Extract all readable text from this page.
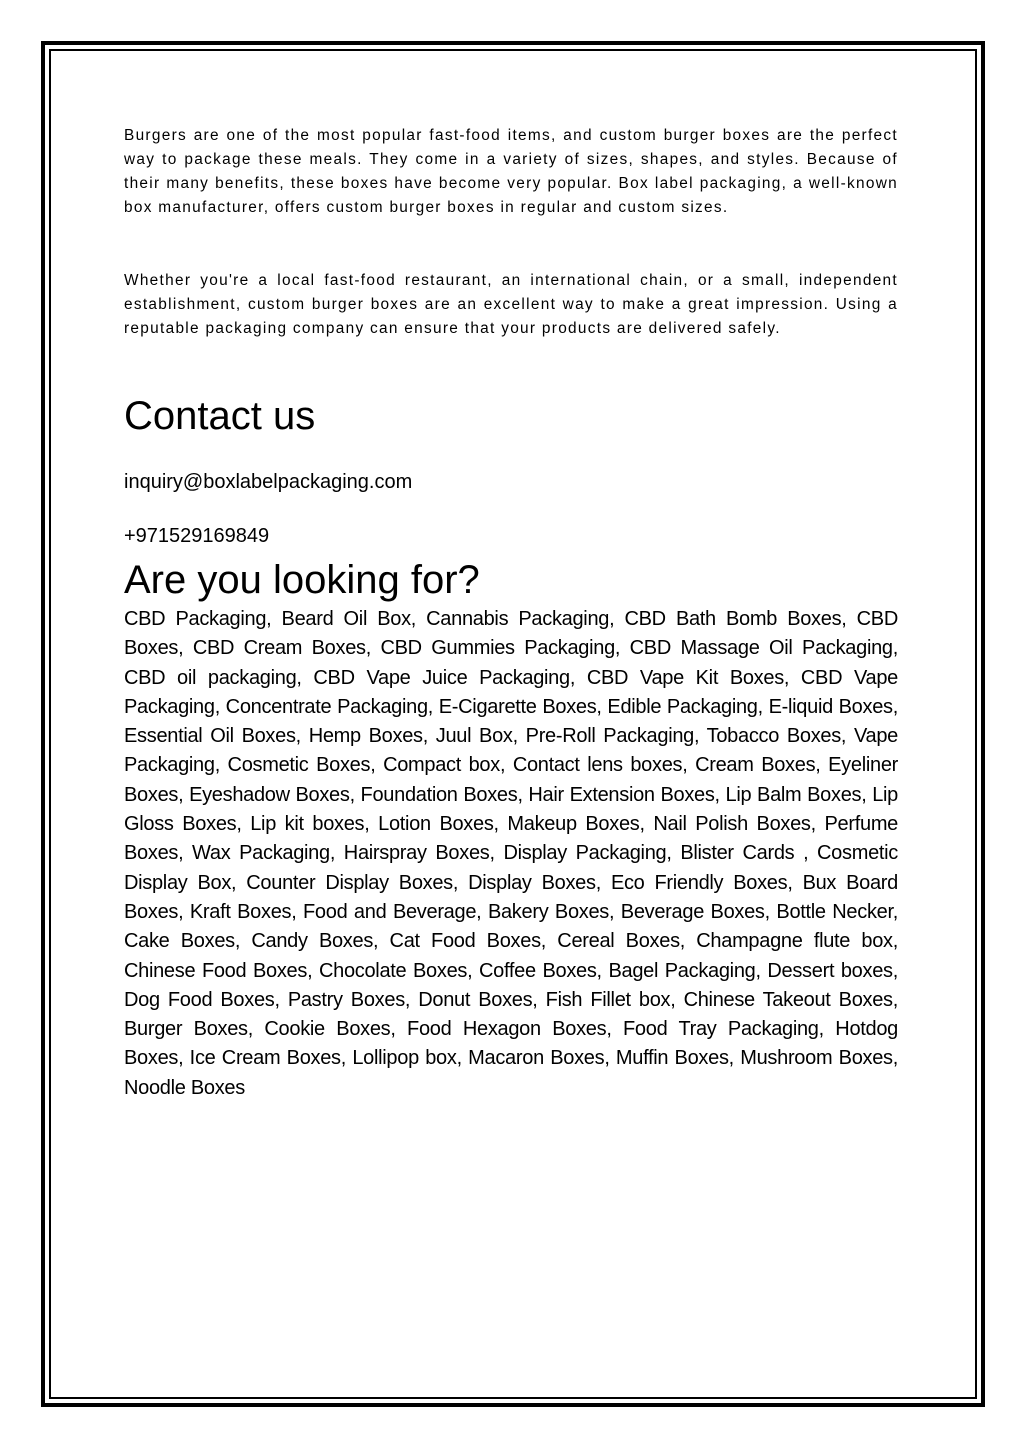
Burgers are one of the most popular fast-food items, and custom burger boxes are the perfect way to package these meals. They come in a variety of sizes, shapes, and styles. Because of their many benefits, these boxes have become very popular. Box label packaging, a well-known box manufacturer, offers custom burger boxes in regular and custom sizes.

Whether you're a local fast-food restaurant, an international chain, or a small, independent establishment, custom burger boxes are an excellent way to make a great impression. Using a reputable packaging company can ensure that your products are delivered safely.

Contact us

inquiry@boxlabelpackaging.com

+971529169849

Are you looking for?

CBD Packaging, Beard Oil Box, Cannabis Packaging, CBD Bath Bomb Boxes, CBD Boxes, CBD Cream Boxes, CBD Gummies Packaging, CBD Massage Oil Packaging, CBD oil packaging, CBD Vape Juice Packaging, CBD Vape Kit Boxes, CBD Vape Packaging, Concentrate Packaging, E-Cigarette Boxes, Edible Packaging, E-liquid Boxes, Essential Oil Boxes, Hemp Boxes, Juul Box, Pre-Roll Packaging, Tobacco Boxes, Vape Packaging, Cosmetic Boxes, Compact box, Contact lens boxes, Cream Boxes, Eyeliner Boxes, Eyeshadow Boxes, Foundation Boxes, Hair Extension Boxes, Lip Balm Boxes, Lip Gloss Boxes, Lip kit boxes, Lotion Boxes, Makeup Boxes, Nail Polish Boxes, Perfume Boxes, Wax Packaging, Hairspray Boxes, Display Packaging, Blister Cards , Cosmetic Display Box, Counter Display Boxes, Display Boxes, Eco Friendly Boxes, Bux Board Boxes, Kraft Boxes, Food and Beverage, Bakery Boxes, Beverage Boxes, Bottle Necker, Cake Boxes, Candy Boxes, Cat Food Boxes, Cereal Boxes, Champagne flute box, Chinese Food Boxes, Chocolate Boxes, Coffee Boxes, Bagel Packaging, Dessert boxes, Dog Food Boxes, Pastry Boxes, Donut Boxes, Fish Fillet box, Chinese Takeout Boxes, Burger Boxes, Cookie Boxes, Food Hexagon Boxes, Food Tray Packaging, Hotdog Boxes, Ice Cream Boxes, Lollipop box, Macaron Boxes, Muffin Boxes, Mushroom Boxes, Noodle Boxes
